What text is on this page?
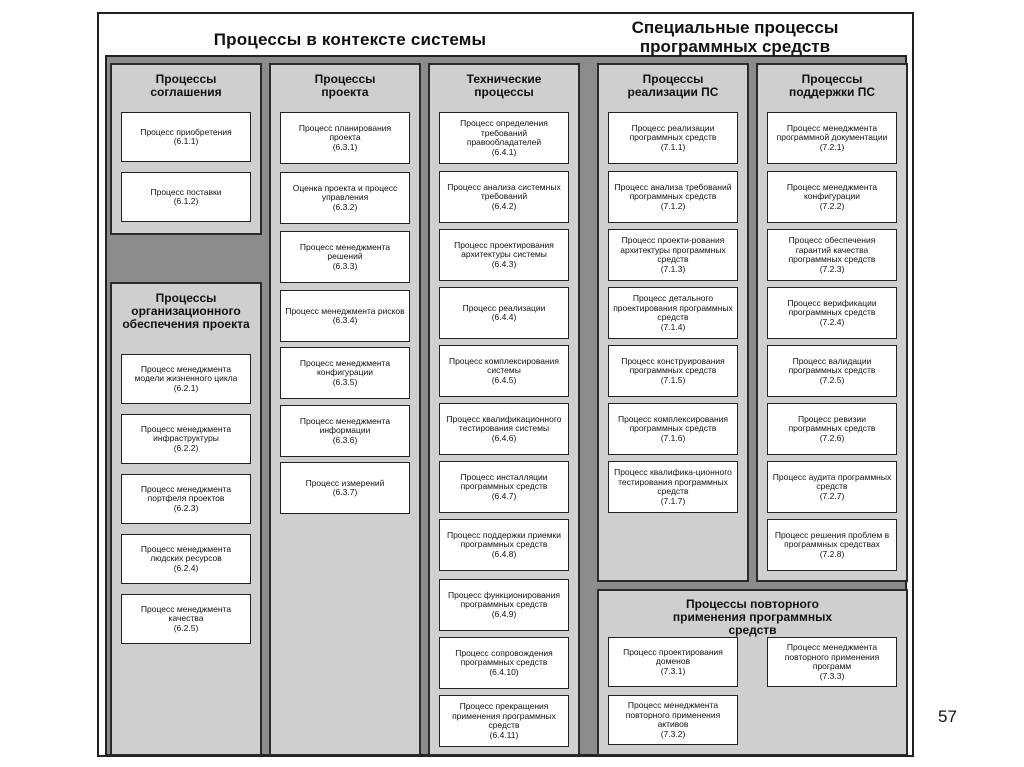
Процессы в контексте системы
Специальные процессы
программных средств
Процессы соглашения
Процесс приобретения
(6.1.1)
Процесс поставки
(6.1.2)
Процессы организационного обеспечения проекта
Процесс менеджмента модели жизненного цикла
(6.2.1)
Процесс менеджмента инфраструктуры
(6.2.2)
Процесс менеджмента портфеля проектов
(6.2.3)
Процесс менеджмента людских ресурсов
(6.2.4)
Процесс менеджмента качества
(6.2.5)
Процессы проекта
Процесс планирования проекта
(6.3.1)
Оценка проекта и процесс управления
(6.3.2)
Процесс менеджмента решений
(6.3.3)
Процесс менеджмента рисков
(6.3.4)
Процесс менеджмента конфигурации
(6.3.5)
Процесс менеджмента информации
(6.3.6)
Процесс измерений
(6.3.7)
Технические процессы
Процесс определения требований правообладателей
(6.4.1)
Процесс анализа системных требований
(6.4.2)
Процесс проектирования архитектуры системы
(6.4.3)
Процесс реализации
(6.4.4)
Процесс комплексирования системы
(6.4.5)
Процесс квалификационного тестирования системы
(6.4.6)
Процесс инсталляции программных средств
(6.4.7)
Процесс поддержки приемки программных средств
(6.4.8)
Процесс функционирования программных средств
(6.4.9)
Процесс сопровождения программных средств
(6.4.10)
Процесс прекращения применения программных средств
(6.4.11)
Процессы реализации ПС
Процесс реализации программных средств
(7.1.1)
Процесс анализа требований программных средств
(7.1.2)
Процесс проекти-рования архитектуры программных средств
(7.1.3)
Процесс детального проектирования программных средств
(7.1.4)
Процесс конструирования программных средств
(7.1.5)
Процесс комплексирования программных средств
(7.1.6)
Процесс квалифика-ционного тестирования программных средств
(7.1.7)
Процессы поддержки ПС
Процесс менеджмента программной документации
(7.2.1)
Процесс менеджмента конфигурации
(7.2.2)
Процесс обеспечения гарантий качества программных средств
(7.2.3)
Процесс верификации программных средств
(7.2.4)
Процесс валидации программных средств
(7.2.5)
Процесс ревизии программных средств
(7.2.6)
Процесс аудита программных средств
(7.2.7)
Процесс решения проблем в программных средствах
(7.2.8)
Процессы повторного применения программных средств
Процесс проектирования доменов
(7.3.1)
Процесс менеджмента повторного применения активов
(7.3.2)
Процесс менеджмента повторного применения программ
(7.3.3)
57
